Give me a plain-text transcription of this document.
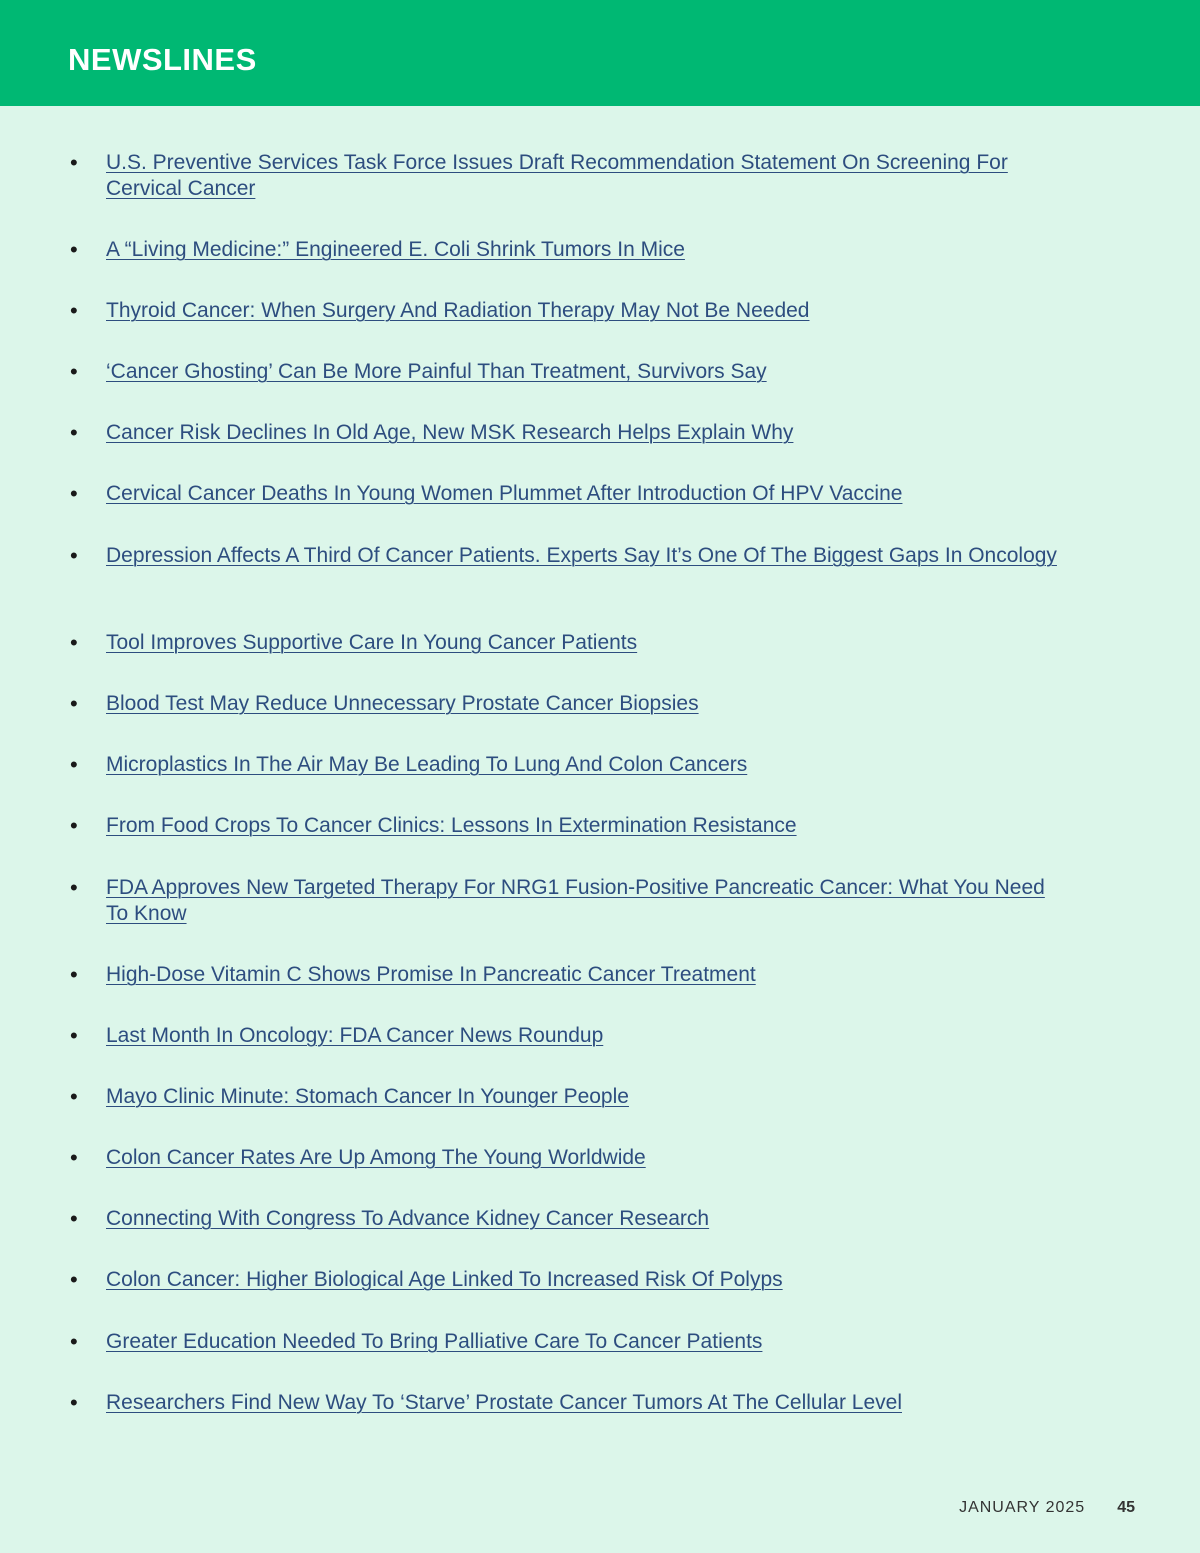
NEWSLINES
• U.S. Preventive Services Task Force Issues Draft Recommendation Statement On Screening For Cervical Cancer
• A “Living Medicine:” Engineered E. Coli Shrink Tumors In Mice
• Thyroid Cancer: When Surgery And Radiation Therapy May Not Be Needed
• ‘Cancer Ghosting’ Can Be More Painful Than Treatment, Survivors Say
• Cancer Risk Declines In Old Age, New MSK Research Helps Explain Why
• Cervical Cancer Deaths In Young Women Plummet After Introduction Of HPV Vaccine
• Depression Affects A Third Of Cancer Patients. Experts Say It’s One Of The Biggest Gaps In Oncology
• Tool Improves Supportive Care In Young Cancer Patients
• Blood Test May Reduce Unnecessary Prostate Cancer Biopsies
• Microplastics In The Air May Be Leading To Lung And Colon Cancers
• From Food Crops To Cancer Clinics: Lessons In Extermination Resistance
• FDA Approves New Targeted Therapy For NRG1 Fusion-Positive Pancreatic Cancer: What You Need To Know
• High-Dose Vitamin C Shows Promise In Pancreatic Cancer Treatment
• Last Month In Oncology: FDA Cancer News Roundup
• Mayo Clinic Minute: Stomach Cancer In Younger People
• Colon Cancer Rates Are Up Among The Young Worldwide
• Connecting With Congress To Advance Kidney Cancer Research
• Colon Cancer: Higher Biological Age Linked To Increased Risk Of Polyps
• Greater Education Needed To Bring Palliative Care To Cancer Patients
• Researchers Find New Way To ‘Starve’ Prostate Cancer Tumors At The Cellular Level
JANUARY 2025 45
